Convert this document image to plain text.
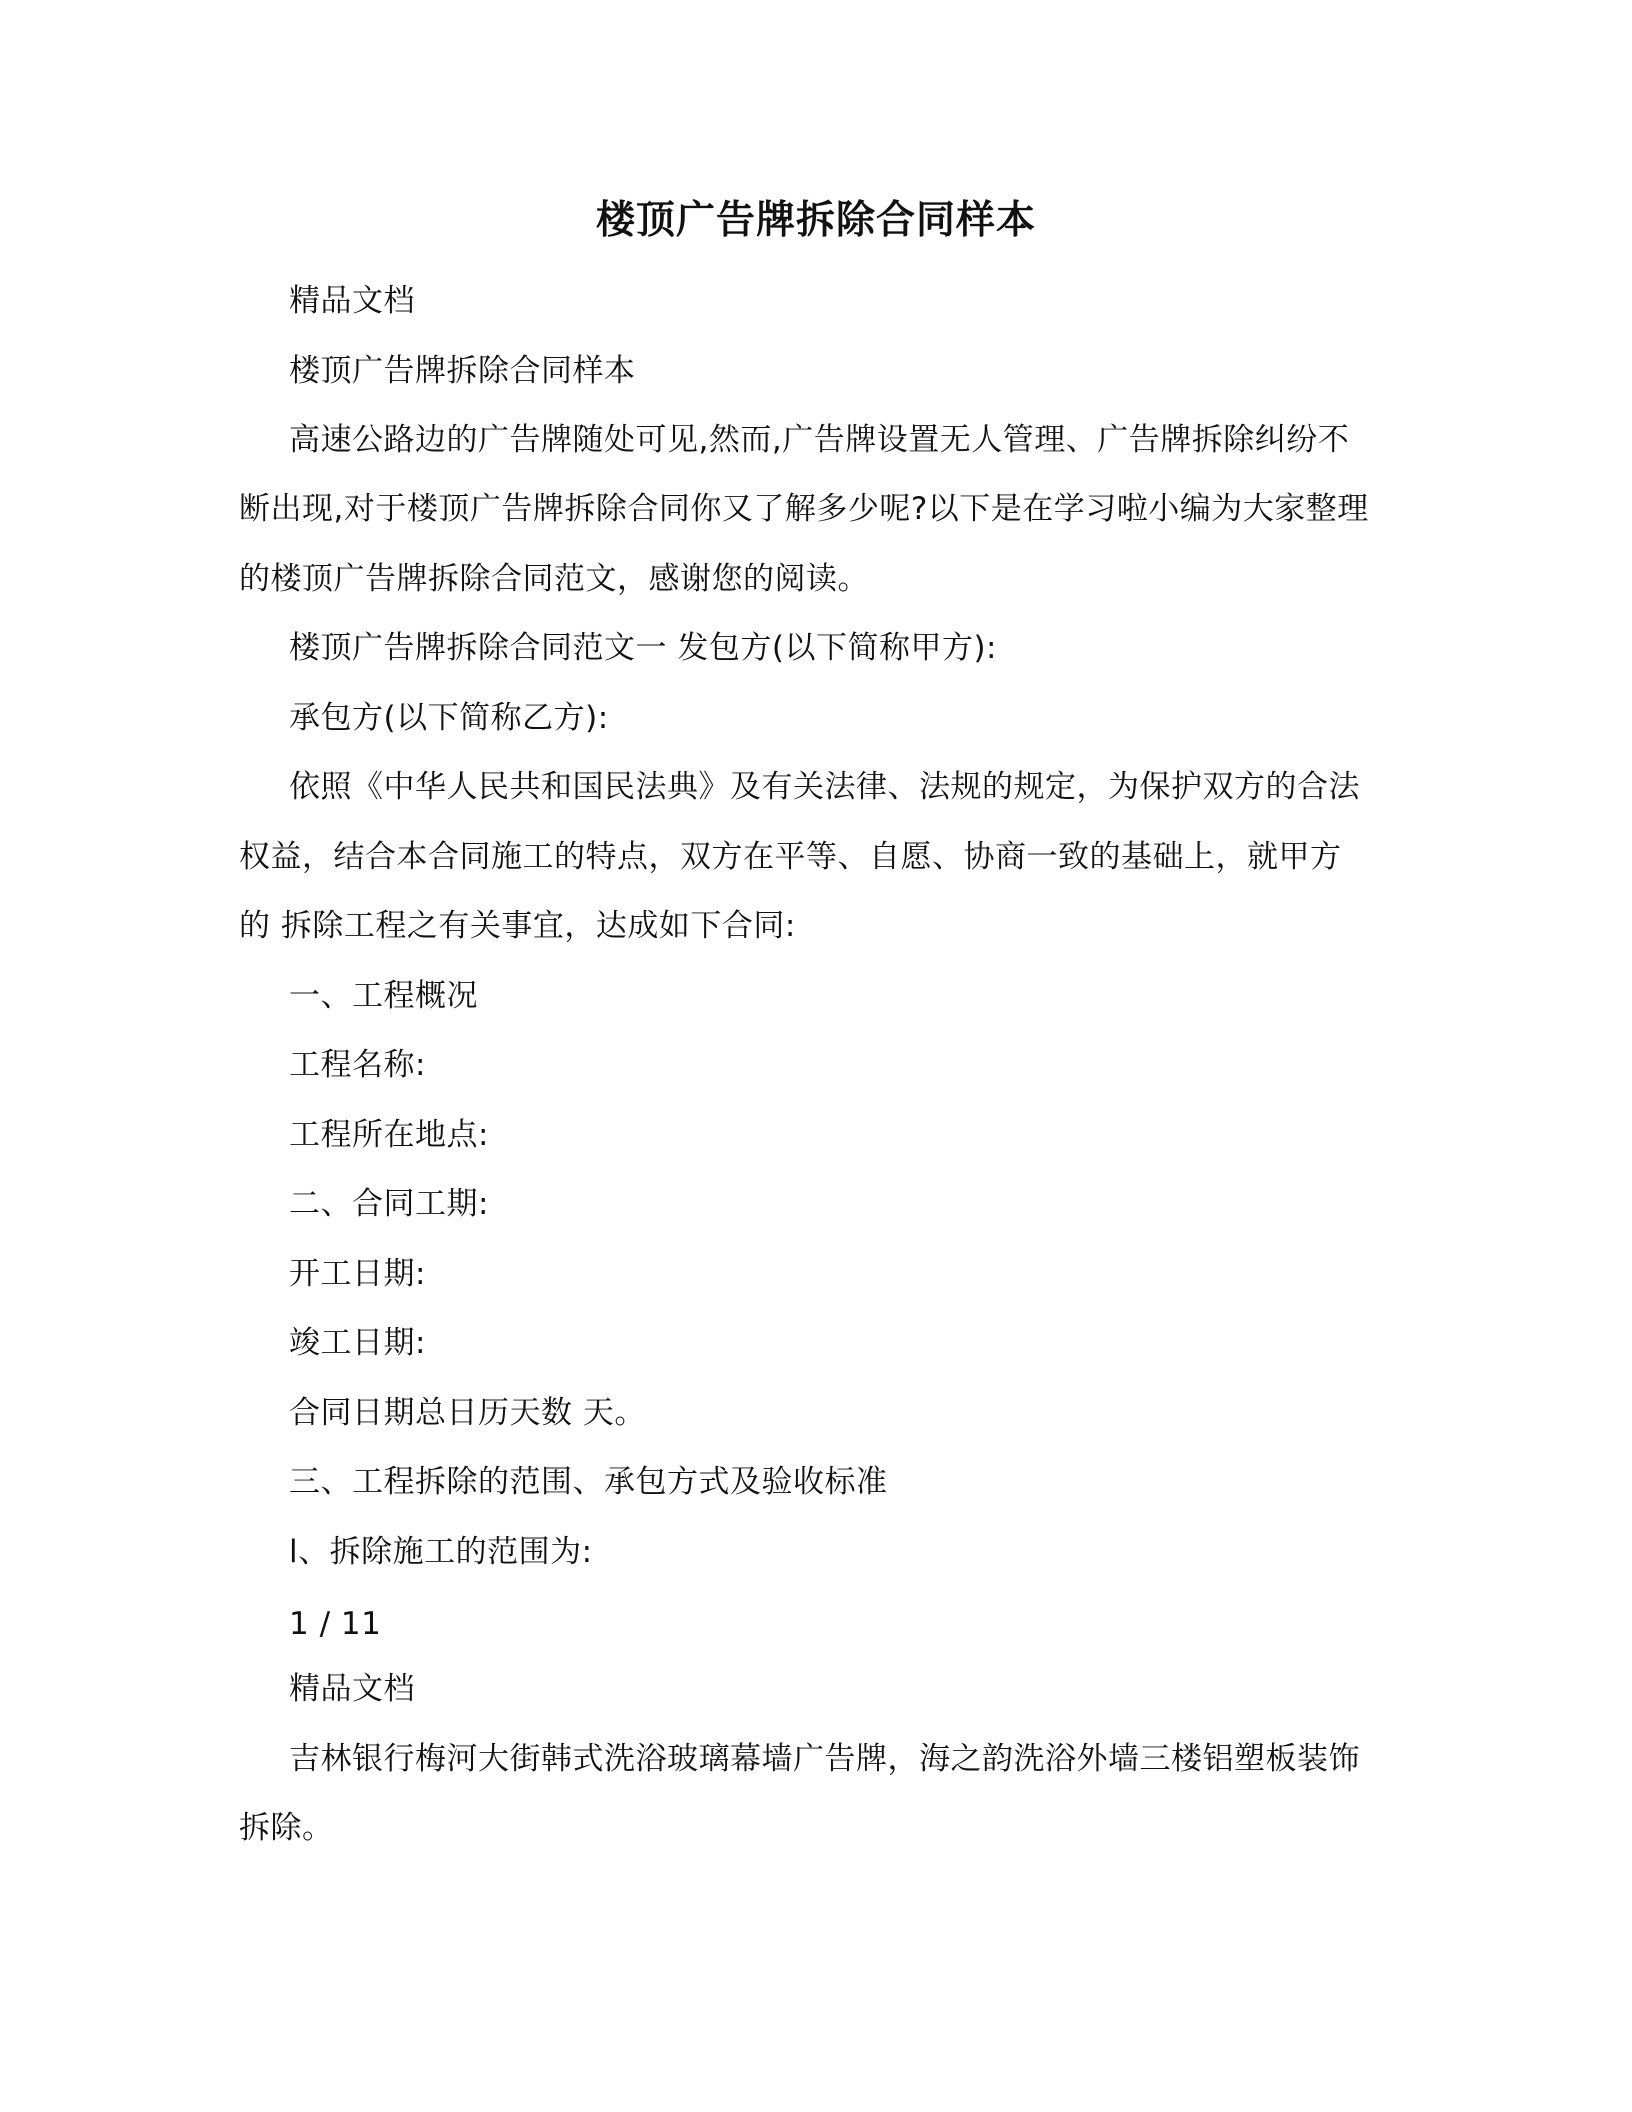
楼顶广告牌拆除合同样本
精品文档
楼顶广告牌拆除合同样本
高速公路边的广告牌随处可见,然而,广告牌设置无人管理、广告牌拆除纠纷不
断出现,对于楼顶广告牌拆除合同你又了解多少呢?以下是在学习啦小编为大家整理
的楼顶广告牌拆除合同范文，感谢您的阅读。
楼顶广告牌拆除合同范文一 发包方(以下简称甲方):
承包方(以下简称乙方):
依照《中华人民共和国民法典》及有关法律、法规的规定，为保护双方的合法
权益，结合本合同施工的特点，双方在平等、自愿、协商一致的基础上，就甲方
的 拆除工程之有关事宜，达成如下合同:
一、工程概况
工程名称:
工程所在地点:
二、合同工期:
开工日期:
竣工日期:
合同日期总日历天数 天。
三、工程拆除的范围、承包方式及验收标准
l、拆除施工的范围为:
1 / 11
精品文档
吉林银行梅河大街韩式洗浴玻璃幕墙广告牌，海之韵洗浴外墙三楼铝塑板装饰
拆除。
